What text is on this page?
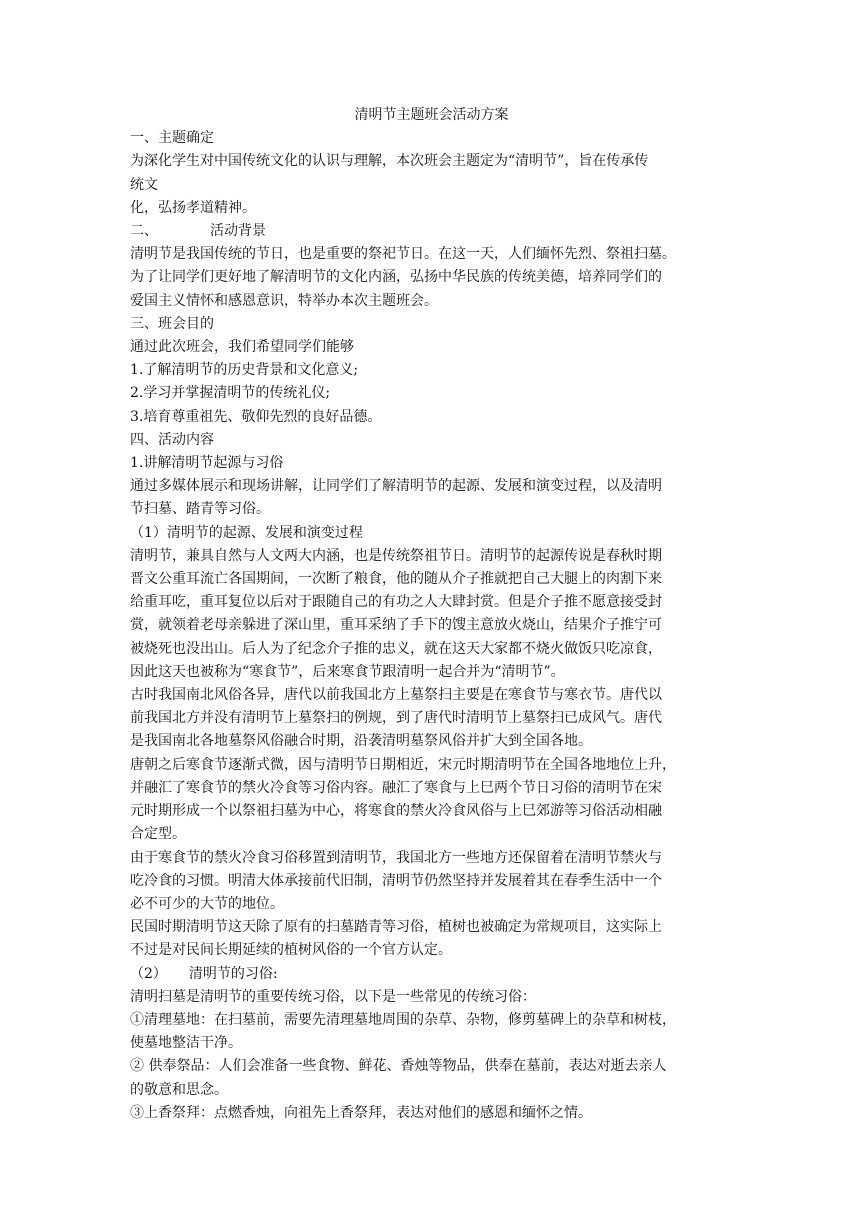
清明节主题班会活动方案
一、主题确定
为深化学生对中国传统文化的认识与理解，本次班会主题定为“清明节”，旨在传承传
统文
化，弘扬孝道精神。
二、	活动背景
清明节是我国传统的节日，也是重要的祭祀节日。在这一天，人们缅怀先烈、祭祖扫墓。
为了让同学们更好地了解清明节的文化内涵，弘扬中华民族的传统美德，培养同学们的
爱国主义情怀和感恩意识，特举办本次主题班会。
三、班会目的
通过此次班会，我们希望同学们能够
1.了解清明节的历史背景和文化意义;
2.学习并掌握清明节的传统礼仪;
3.培育尊重祖先、敬仰先烈的良好品德。
四、活动内容
1.讲解清明节起源与习俗
通过多媒体展示和现场讲解，让同学们了解清明节的起源、发展和演变过程，以及清明
节扫墓、踏青等习俗。
（1）清明节的起源、发展和演变过程
清明节，兼具自然与人文两大内涵，也是传统祭祖节日。清明节的起源传说是春秋时期
晋文公重耳流亡各国期间，一次断了粮食，他的随从介子推就把自己大腿上的肉割下来
给重耳吃，重耳复位以后对于跟随自己的有功之人大肆封赏。但是介子推不愿意接受封
赏，就领着老母亲躲进了深山里，重耳采纳了手下的馊主意放火烧山，结果介子推宁可
被烧死也没出山。后人为了纪念介子推的忠义，就在这天大家都不烧火做饭只吃凉食，
因此这天也被称为“寒食节”，后来寒食节跟清明一起合并为“清明节”。
古时我国南北风俗各异，唐代以前我国北方上墓祭扫主要是在寒食节与寒衣节。唐代以
前我国北方并没有清明节上墓祭扫的例规，到了唐代时清明节上墓祭扫已成风气。唐代
是我国南北各地墓祭风俗融合时期，沿袭清明墓祭风俗并扩大到全国各地。
唐朝之后寒食节逐渐式微，因与清明节日期相近，宋元时期清明节在全国各地地位上升，
并融汇了寒食节的禁火冷食等习俗内容。融汇了寒食与上巳两个节日习俗的清明节在宋
元时期形成一个以祭祖扫墓为中心，将寒食的禁火冷食风俗与上巳郊游等习俗活动相融
合定型。
由于寒食节的禁火冷食习俗移置到清明节，我国北方一些地方还保留着在清明节禁火与
吃冷食的习惯。明清大体承接前代旧制，清明节仍然坚持并发展着其在春季生活中一个
必不可少的大节的地位。
民国时期清明节这天除了原有的扫墓踏青等习俗，植树也被确定为常规项目，这实际上
不过是对民间长期延续的植树风俗的一个官方认定。
（2） 清明节的习俗:
清明扫墓是清明节的重要传统习俗，以下是一些常见的传统习俗：
①清理墓地：在扫墓前，需要先清理墓地周围的杂草、杂物，修剪墓碑上的杂草和树枝，
使墓地整洁干净。
② 供奉祭品：人们会准备一些食物、鲜花、香烛等物品，供奉在墓前，表达对逝去亲人
的敬意和思念。
③上香祭拜：点燃香烛，向祖先上香祭拜，表达对他们的感恩和缅怀之情。
